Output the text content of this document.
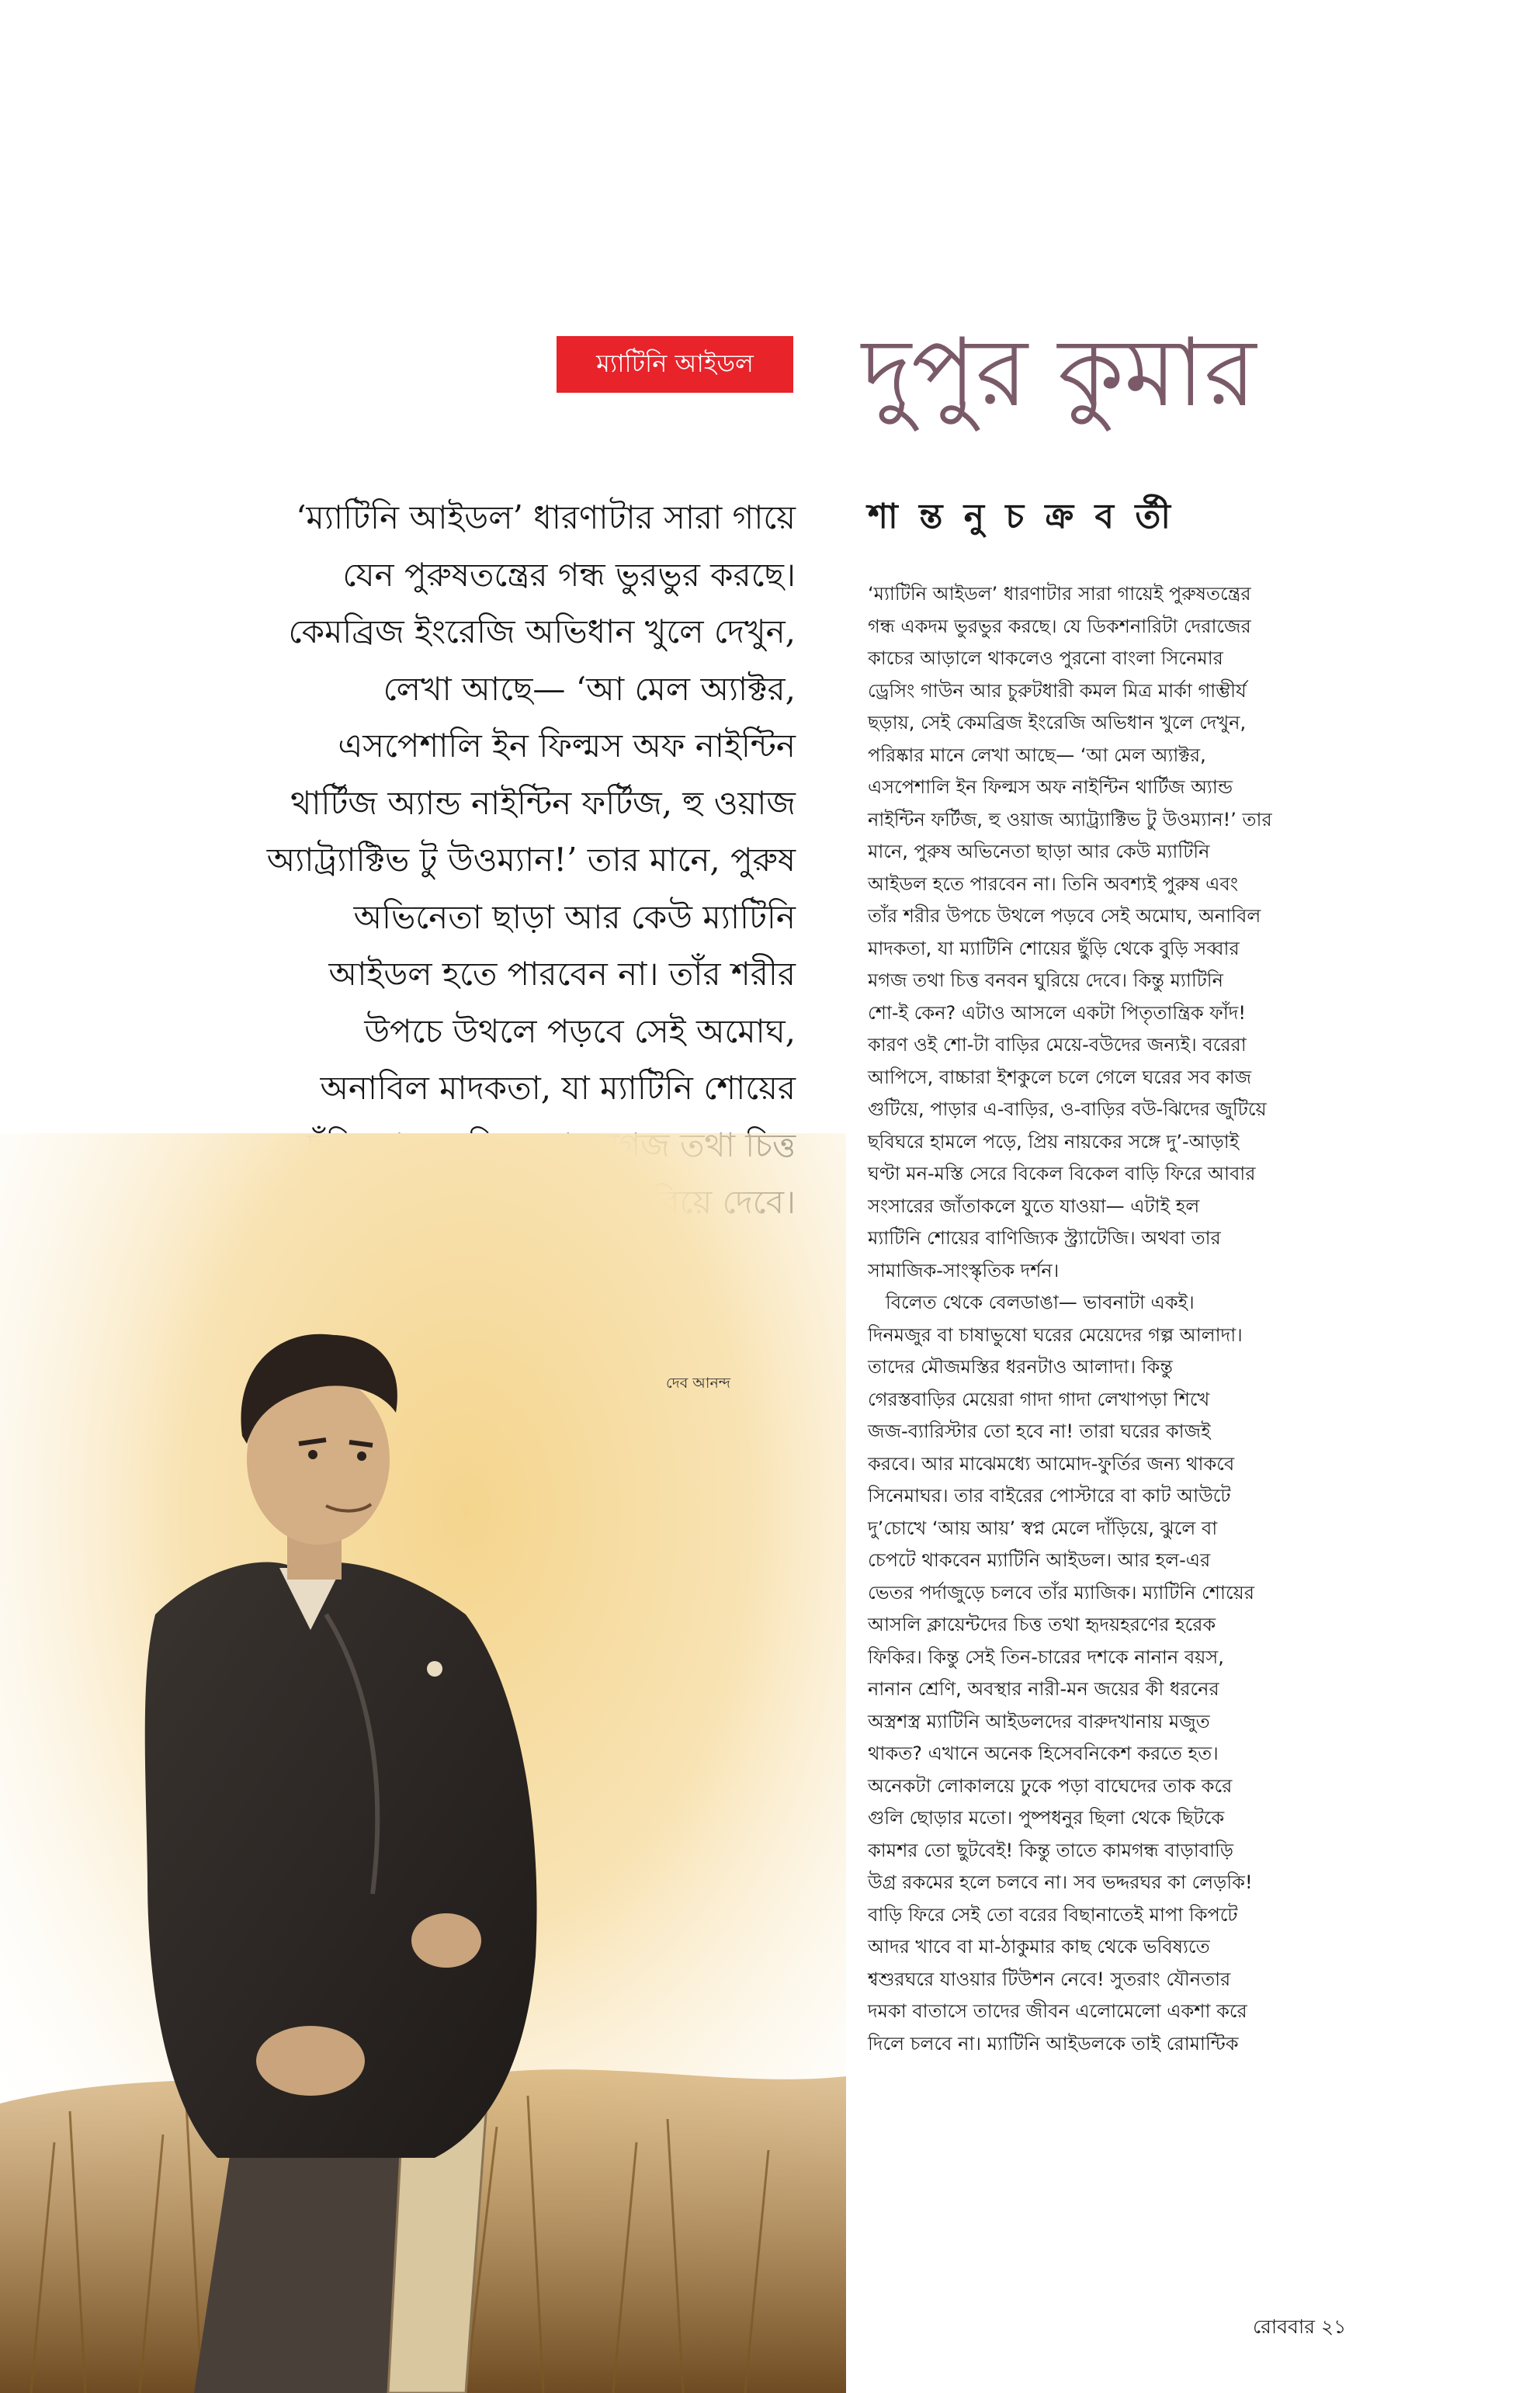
ম্যাটিনি আইডল	দুপুর কুমার
‘ম্যাটিনি আইডল’ ধারণাটার সারা গায়ে
যেন পুরুষতন্ত্রের গন্ধ ভুরভুর করছে।
কেমব্রিজ ইংরেজি অভিধান খুলে দেখুন,
লেখা আছে— ‘আ মেল অ্যাক্টর,
এসপেশালি ইন ফিল্মস অফ নাইন্টিন
থার্টিজ অ্যান্ড নাইন্টিন ফর্টিজ, হু ওয়াজ
অ্যাট্র্যাক্টিভ টু উওম্যান!’ তার মানে, পুরুষ
অভিনেতা ছাড়া আর কেউ ম্যাটিনি
আইডল হতে পারবেন না। তাঁর শরীর
উপচে উথলে পড়বে সেই অমোঘ,
অনাবিল মাদকতা, যা ম্যাটিনি শোয়ের
শা ন্ত নু চ ক্র ব র্তী
‘ম্যাটিনি আইডল’ ধারণাটার সারা গায়েই পুরুষতন্ত্রের
গন্ধ একদম ভুরভুর করছে। যে ডিকশনারিটা দেরাজের
কাচের আড়ালে থাকলেও পুরনো বাংলা সিনেমার
ড্রেসিং গাউন আর চুরুটধারী কমল মিত্র মার্কা গাম্ভীর্য
ছড়ায়, সেই কেমব্রিজ ইংরেজি অভিধান খুলে দেখুন,
পরিষ্কার মানে লেখা আছে— ‘আ মেল অ্যাক্টর,
এসপেশালি ইন ফিল্মস অফ নাইন্টিন থার্টিজ অ্যান্ড
নাইন্টিন ফর্টিজ, হু ওয়াজ অ্যাট্র্যাক্টিভ টু উওম্যান!’ তার
মানে, পুরুষ অভিনেতা ছাড়া আর কেউ ম্যাটিনি
আইডল হতে পারবেন না। তিনি অবশ্যই পুরুষ এবং
তাঁর শরীর উপচে উথলে পড়বে সেই অমোঘ, অনাবিল
মাদকতা, যা ম্যাটিনি শোয়ের ছুঁড়ি থেকে বুড়ি সব্বার
মগজ তথা চিত্ত বনবন ঘুরিয়ে দেবে। কিন্তু ম্যাটিনি
শো-ই কেন? এটাও আসলে একটা পিতৃতান্ত্রিক ফাঁদ!
কারণ ওই শো-টা বাড়ির মেয়ে-বউদের জন্যই। বরেরা
আপিসে, বাচ্চারা ইশকুলে চলে গেলে ঘরের সব কাজ
গুটিয়ে, পাড়ার এ-বাড়ির, ও-বাড়ির বউ-ঝিদের জুটিয়ে
ছবিঘরে হামলে পড়ে, প্রিয় নায়কের সঙ্গে দু’-আড়াই
ঘণ্টা মন-মস্তি সেরে বিকেল বিকেল বাড়ি ফিরে আবার
সংসারের জাঁতাকলে যুতে যাওয়া— এটাই হল
ম্যাটিনি শোয়ের বাণিজ্যিক স্ট্র্যাটেজি। অথবা তার
সামাজিক-সাংস্কৃতিক দর্শন।
বিলেত থেকে বেলডাঙা— ভাবনাটা একই।
দিনমজুর বা চাষাভুষো ঘরের মেয়েদের গল্প আলাদা।
তাদের মৌজমস্তির ধরনটাও আলাদা। কিন্তু
গেরস্তবাড়ির মেয়েরা গাদা গাদা লেখাপড়া শিখে
জজ-ব্যারিস্টার তো হবে না! তারা ঘরের কাজই
করবে। আর মাঝেমধ্যে আমোদ-ফুর্তির জন্য থাকবে
সিনেমাঘর। তার বাইরের পোস্টারে বা কাট আউটে
দু’চোখে ‘আয় আয়’ স্বপ্ন মেলে দাঁড়িয়ে, ঝুলে বা
চেপটে থাকবেন ম্যাটিনি আইডল। আর হল-এর
ভেতর পর্দাজুড়ে চলবে তাঁর ম্যাজিক। ম্যাটিনি শোয়ের
আসলি ক্লায়েন্টদের চিত্ত তথা হৃদয়হরণের হরেক
ফিকির। কিন্তু সেই তিন-চারের দশকে নানান বয়স,
নানান শ্রেণি, অবস্থার নারী-মন জয়ের কী ধরনের
অস্ত্রশস্ত্র ম্যাটিনি আইডলদের বারুদখানায় মজুত
থাকত? এখানে অনেক হিসেবনিকেশ করতে হত।
অনেকটা লোকালয়ে ঢুকে পড়া বাঘেদের তাক করে
গুলি ছোড়ার মতো। পুষ্পধনুর ছিলা থেকে ছিটকে
কামশর তো ছুটবেই! কিন্তু তাতে কামগন্ধ বাড়াবাড়ি
উগ্র রকমের হলে চলবে না। সব ভদ্দরঘর কা লেড়কি!
বাড়ি ফিরে সেই তো বরের বিছানাতেই মাপা কিপটে
আদর খাবে বা মা-ঠাকুমার কাছ থেকে ভবিষ্যতে
শ্বশুরঘরে যাওয়ার টিউশন নেবে! সুতরাং যৌনতার
দমকা বাতাসে তাদের জীবন এলোমেলো একশা করে
দিলে চলবে না। ম্যাটিনি আইডলকে তাই রোমান্টিক
দেব আনন্দ
রোববার ২১
